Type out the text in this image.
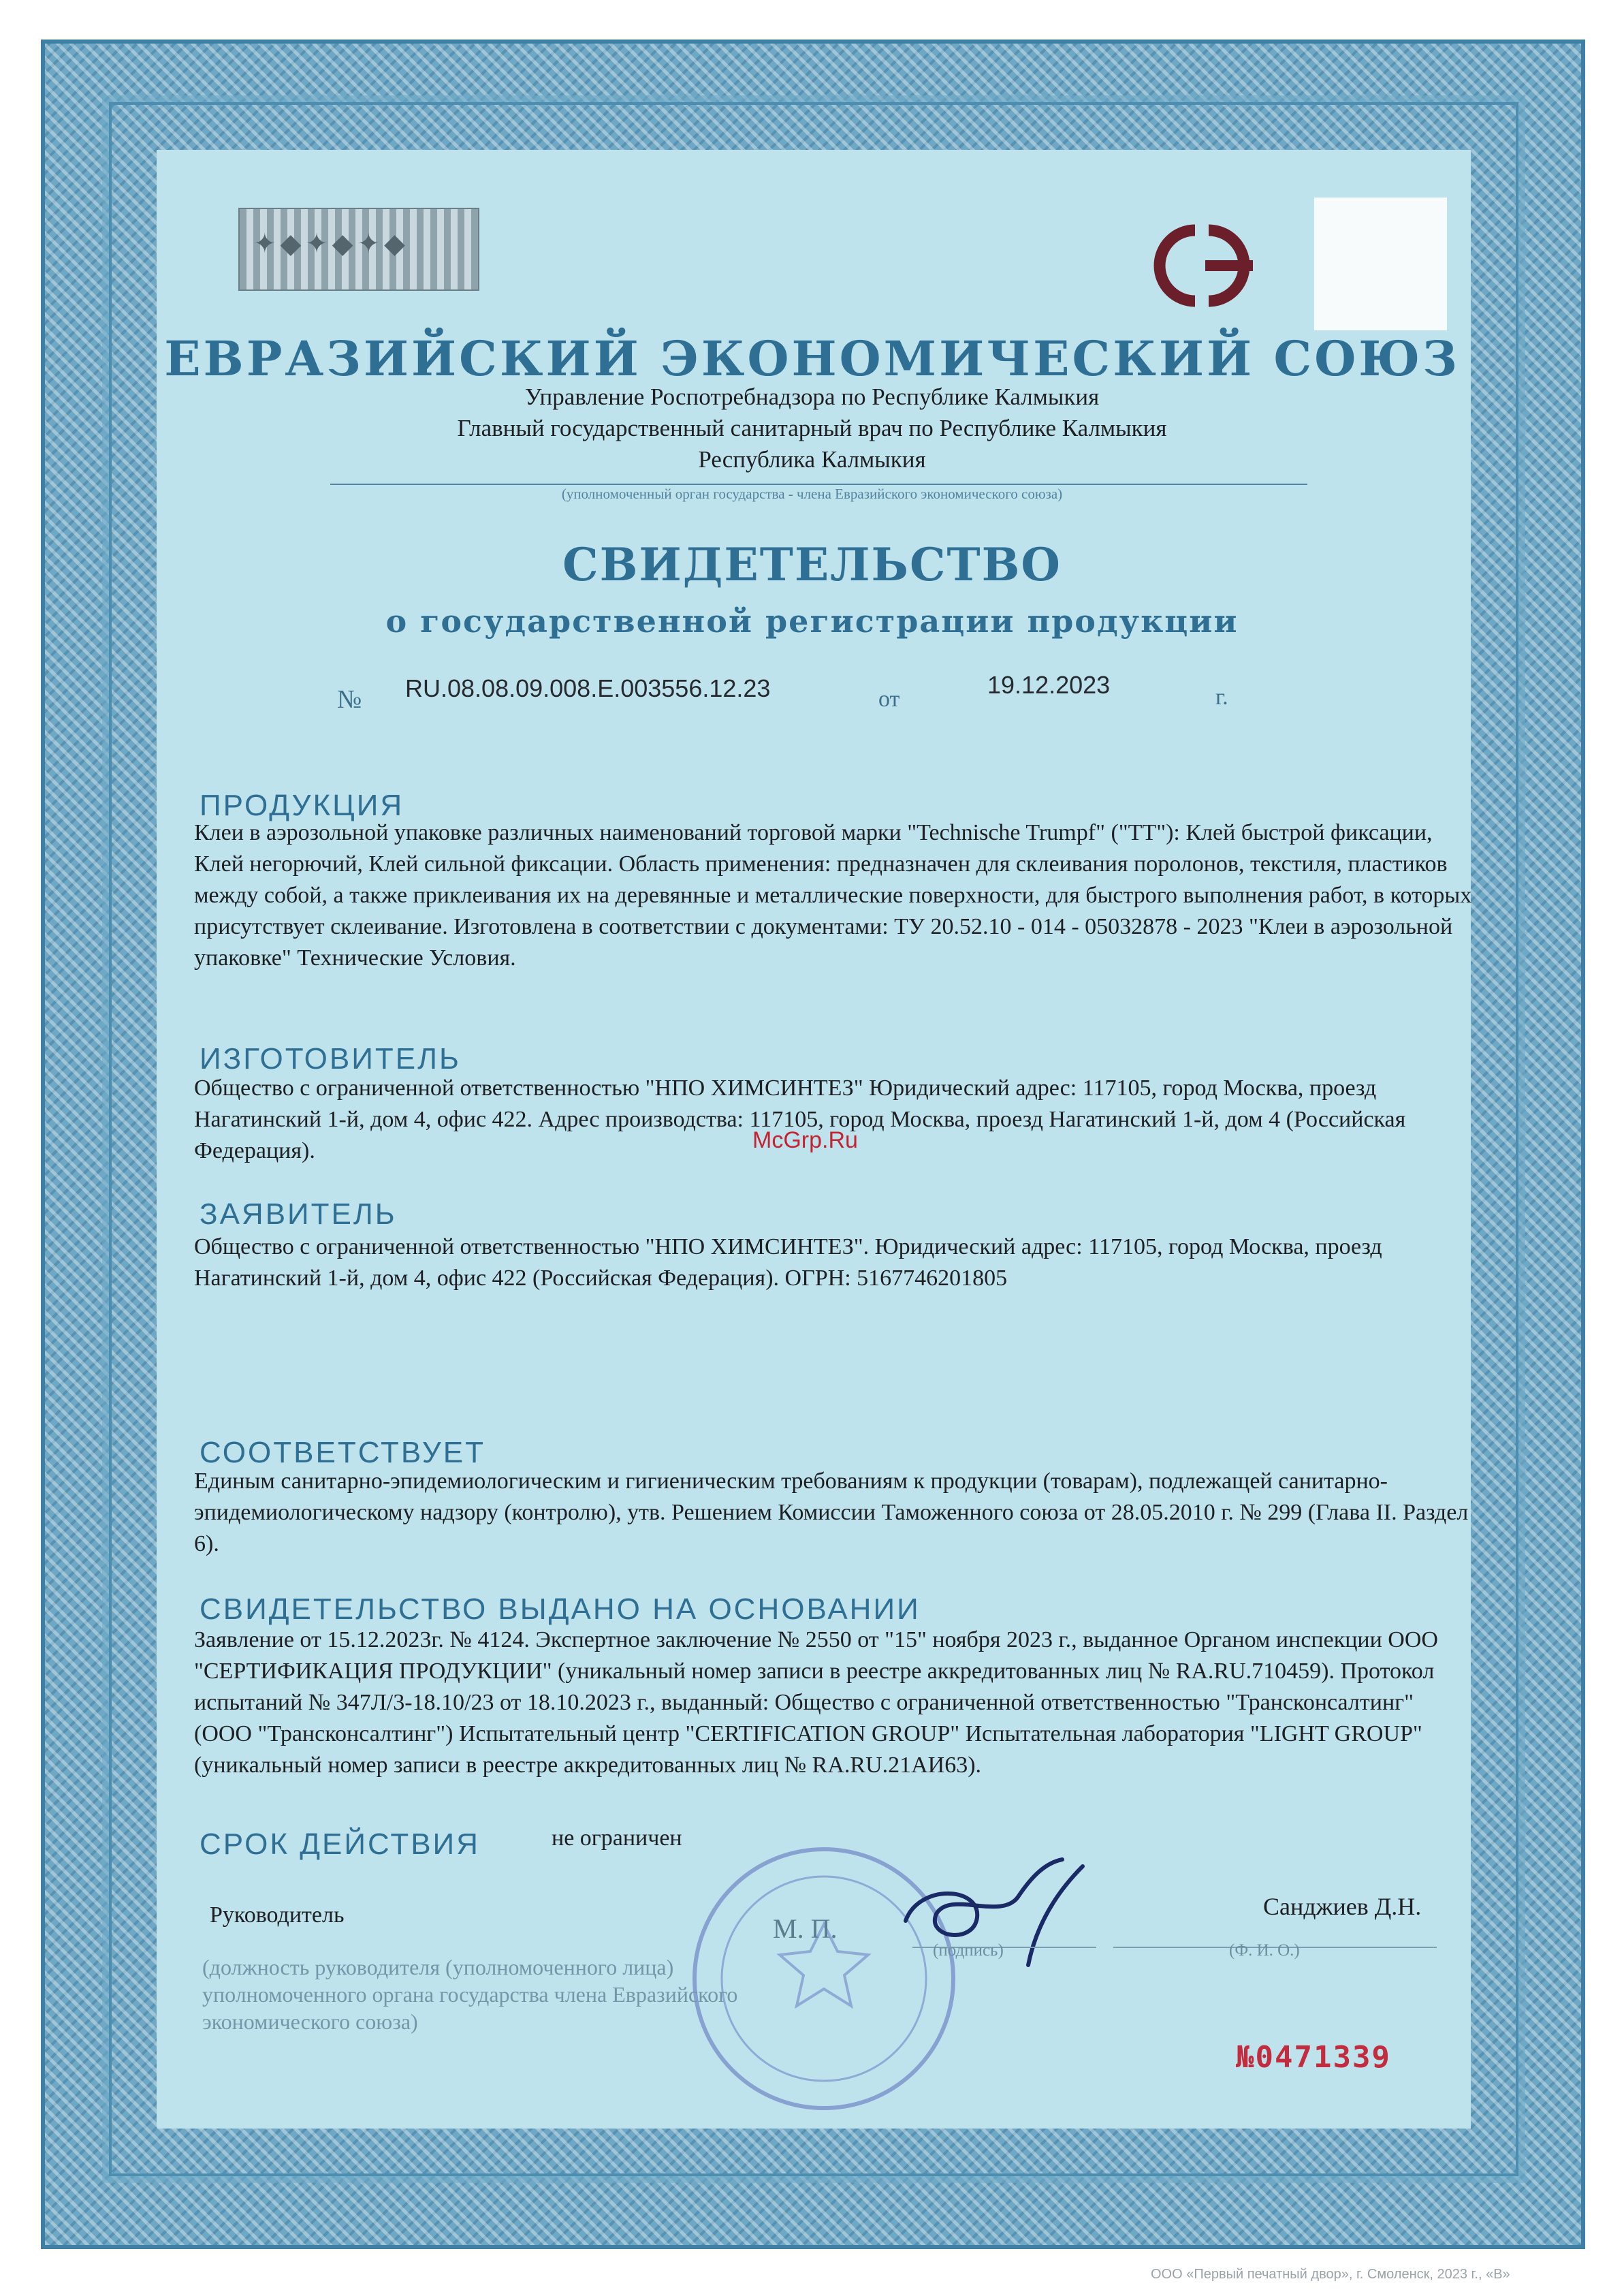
✦◆✦◆✦◆
ЕВРАЗИЙСКИЙ ЭКОНОМИЧЕСКИЙ СОЮЗ
Управление Роспотребнадзора по Республике Калмыкия
Главный государственный санитарный врач по Республике Калмыкия
Республика Калмыкия
(уполномоченный орган государства - члена Евразийского экономического союза)
СВИДЕТЕЛЬСТВО
о государственной регистрации продукции
№ RU.08.08.09.008.E.003556.12.23	от
19.12.2023	г.
ПРОДУКЦИЯ
Клеи в аэрозольной упаковке различных наименований торговой марки "Technische Trumpf" ("TT"): Клей быстрой фиксации, Клей негорючий, Клей сильной фиксации. Область применения: предназначен для склеивания поролонов, текстиля, пластиков между собой, а также приклеивания их на деревянные и металлические поверхности, для быстрого выполнения работ, в которых присутствует склеивание. Изготовлена в соответствии с документами: ТУ 20.52.10 - 014 - 05032878 - 2023 "Клеи в аэрозольной упаковке" Технические Условия.
ИЗГОТОВИТЕЛЬ
Общество с ограниченной ответственностью "НПО ХИМСИНТЕЗ" Юридический адрес: 117105, город Москва, проезд Нагатинский 1-й, дом 4, офис 422. Адрес производства: 117105, город Москва, проезд Нагатинский 1-й, дом 4 (Российская Федерация).
ЗАЯВИТЕЛЬ
Общество с ограниченной ответственностью "НПО ХИМСИНТЕЗ". Юридический адрес: 117105, город Москва, проезд Нагатинский 1-й, дом 4, офис 422 (Российская Федерация). ОГРН: 5167746201805
СООТВЕТСТВУЕТ
Единым санитарно-эпидемиологическим и гигиеническим требованиям к продукции (товарам), подлежащей санитарно-эпидемиологическому надзору (контролю), утв. Решением Комиссии Таможенного союза от 28.05.2010 г. № 299 (Глава II. Раздел 6).
СВИДЕТЕЛЬСТВО ВЫДАНО НА ОСНОВАНИИ
Заявление от 15.12.2023г. № 4124. Экспертное заключение № 2550 от "15" ноября 2023 г., выданное Органом инспекции ООО "СЕРТИФИКАЦИЯ ПРОДУКЦИИ" (уникальный номер записи в реестре аккредитованных лиц № RA.RU.710459). Протокол испытаний № 347Л/3-18.10/23 от 18.10.2023 г., выданный: Общество с ограниченной ответственностью "Трансконсалтинг" (ООО "Трансконсалтинг") Испытательный центр "CERTIFICATION GROUP" Испытательная лаборатория "LIGHT GROUP" (уникальный номер записи в реестре аккредитованных лиц № RA.RU.21АИ63).
СРОК ДЕЙСТВИЯ	не ограничен
Руководитель	М. П.
Санджиев Д.Н.
(подпись)	(Ф. И. О.)
(должность руководителя (уполномоченного лица) уполномоченного органа государства члена Евразийского экономического союза)
№0471339
McGrp.Ru
ООО «Первый печатный двор», г. Смоленск, 2023 г., «В»
